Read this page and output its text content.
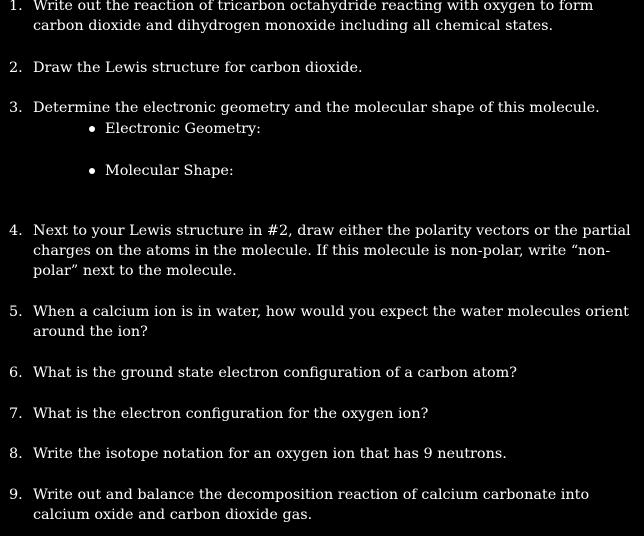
1. Write out the reaction of tricarbon octahydride reacting with oxygen to form carbon dioxide and dihydrogen monoxide including all chemical states.
2. Draw the Lewis structure for carbon dioxide.
3. Determine the electronic geometry and the molecular shape of this molecule.
Electronic Geometry:
Molecular Shape:
4. Next to your Lewis structure in #2, draw either the polarity vectors or the partial charges on the atoms in the molecule. If this molecule is non-polar, write “non-polar” next to the molecule.
5. When a calcium ion is in water, how would you expect the water molecules orient around the ion?
6. What is the ground state electron configuration of a carbon atom?
7. What is the electron configuration for the oxygen ion?
8. Write the isotope notation for an oxygen ion that has 9 neutrons.
9. Write out and balance the decomposition reaction of calcium carbonate into calcium oxide and carbon dioxide gas.
